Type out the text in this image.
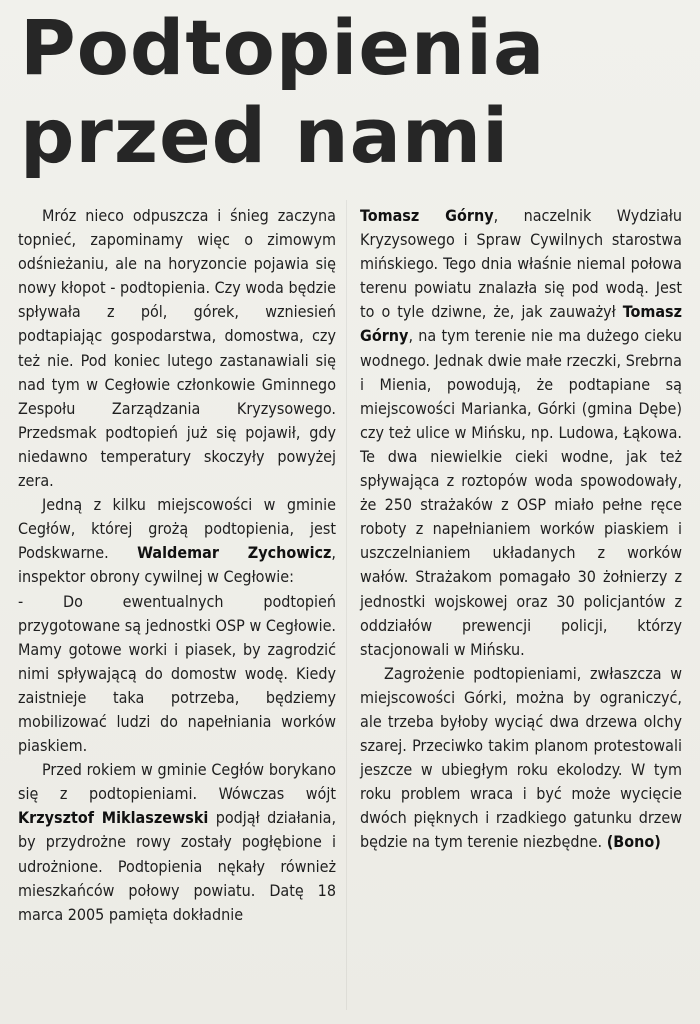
Podtopienia
przed nami

Mróz nieco odpuszcza i śnieg zaczyna topnieć, zapominamy więc o zimowym odśnieżaniu, ale na horyzoncie pojawia się nowy kłopot - podtopienia. Czy woda będzie spływała z pól, górek, wzniesień podtapiając gospodarstwa, domostwa, czy też nie. Pod koniec lutego zastanawiali się nad tym w Cegłowie członkowie Gminnego Zespołu Zarządzania Kryzysowego. Przedsmak podtopień już się pojawił, gdy niedawno temperatury skoczyły powyżej zera.

Jedną z kilku miejscowości w gminie Cegłów, której grożą podtopienia, jest Podskwarne. Waldemar Zychowicz, inspektor obrony cywilnej w Cegłowie:

- Do ewentualnych podtopień przygotowane są jednostki OSP w Cegłowie. Mamy gotowe worki i piasek, by zagrodzić nimi spływającą do domostw wodę. Kiedy zaistnieje taka potrzeba, będziemy mobilizować ludzi do napełniania worków piaskiem.

Przed rokiem w gminie Cegłów borykano się z podtopieniami. Wówczas wójt Krzysztof Miklaszewski podjął działania, by przydrożne rowy zostały pogłębione i udrożnione. Podtopienia nękały również mieszkańców połowy powiatu. Datę 18 marca 2005 pamięta dokładnie

Tomasz Górny, naczelnik Wydziału Kryzysowego i Spraw Cywilnych starostwa mińskiego. Tego dnia właśnie niemal połowa terenu powiatu znalazła się pod wodą. Jest to o tyle dziwne, że, jak zauważył Tomasz Górny, na tym terenie nie ma dużego cieku wodnego. Jednak dwie małe rzeczki, Srebrna i Mienia, powodują, że podtapiane są miejscowości Marianka, Górki (gmina Dębe) czy też ulice w Mińsku, np. Ludowa, Łąkowa. Te dwa niewielkie cieki wodne, jak też spływająca z roztopów woda spowodowały, że 250 strażaków z OSP miało pełne ręce roboty z napełnianiem worków piaskiem i uszczelnianiem układanych z worków wałów. Strażakom pomagało 30 żołnierzy z jednostki wojskowej oraz 30 policjantów z oddziałów prewencji policji, którzy stacjonowali w Mińsku.

Zagrożenie podtopieniami, zwłaszcza w miejscowości Górki, można by ograniczyć, ale trzeba byłoby wyciąć dwa drzewa olchy szarej. Przeciwko takim planom protestowali jeszcze w ubiegłym roku ekolodzy. W tym roku problem wraca i być może wycięcie dwóch pięknych i rzadkiego gatunku drzew będzie na tym terenie niezbędne. (Bono)
